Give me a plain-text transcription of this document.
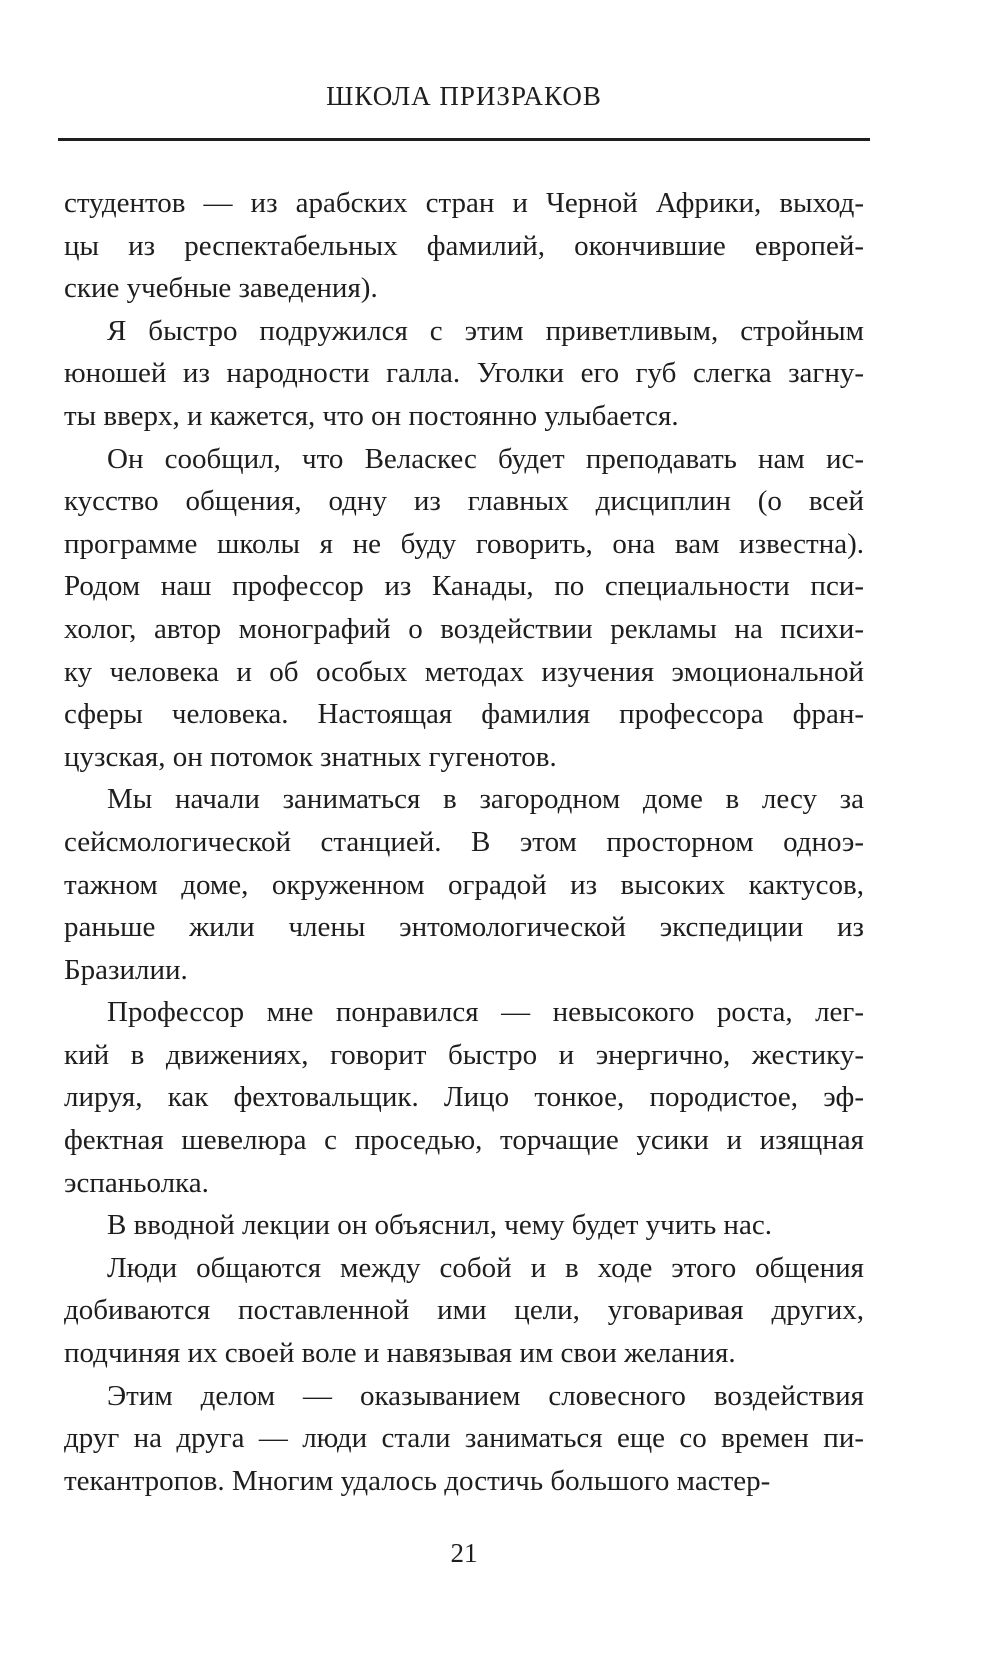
ШКОЛА ПРИЗРАКОВ

студентов — из арабских стран и Черной Африки, выход-
цы из респектабельных фамилий, окончившие европей-
ские учебные заведения).

Я быстро подружился с этим приветливым, стройным
юношей из народности галла. Уголки его губ слегка загну-
ты вверх, и кажется, что он постоянно улыбается.

Он сообщил, что Веласкес будет преподавать нам ис-
кусство общения, одну из главных дисциплин (о всей
программе школы я не буду говорить, она вам известна).
Родом наш профессор из Канады, по специальности пси-
холог, автор монографий о воздействии рекламы на психи-
ку человека и об особых методах изучения эмоциональной
сферы человека. Настоящая фамилия профессора фран-
цузская, он потомок знатных гугенотов.

Мы начали заниматься в загородном доме в лесу за
сейсмологической станцией. В этом просторном одноэ-
тажном доме, окруженном оградой из высоких кактусов,
раньше жили члены энтомологической экспедиции из
Бразилии.

Профессор мне понравился — невысокого роста, лег-
кий в движениях, говорит быстро и энергично, жестику-
лируя, как фехтовальщик. Лицо тонкое, породистое, эф-
фектная шевелюра с проседью, торчащие усики и изящная
эспаньолка.

В вводной лекции он объяснил, чему будет учить нас.

Люди общаются между собой и в ходе этого общения
добиваются поставленной ими цели, уговаривая других,
подчиняя их своей воле и навязывая им свои желания.

Этим делом — оказыванием словесного воздействия
друг на друга — люди стали заниматься еще со времен пи-
текантропов. Многим удалось достичь большого мастер-

21
